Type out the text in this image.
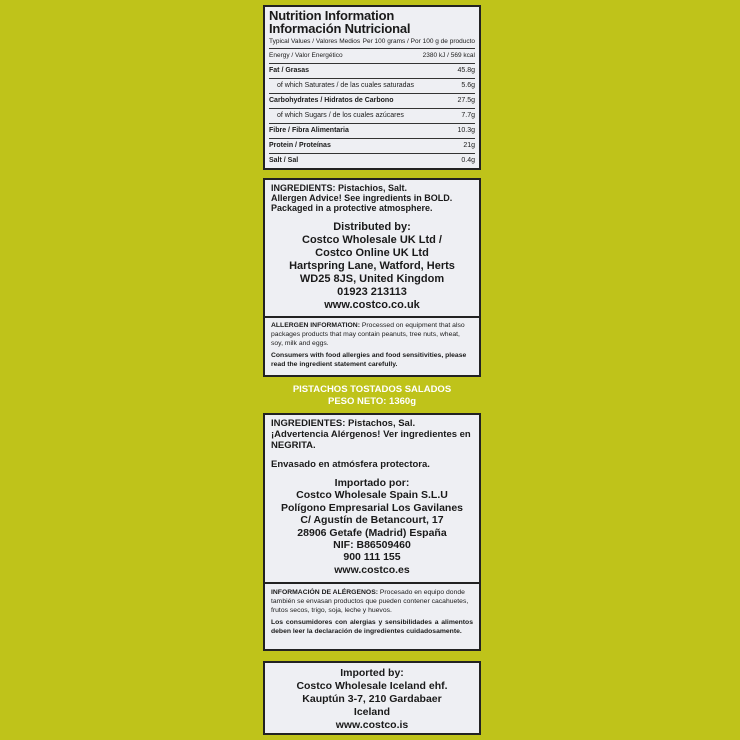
Nutrition Information
Información Nutricional
Typical Values / Valores Medios Per 100 grams / Por 100 g de producto
Energy / Valor Energético	2380 kJ / 569 kcal
Fat / Grasas	45.8g
of which Saturates / de las cuales saturadas	5.6g
Carbohydrates / Hidratos de Carbono	27.5g
of which Sugars / de los cuales azúcares	7.7g
Fibre / Fibra Alimentaria	10.3g
Protein / Proteínas	21g
Salt / Sal	0.4g
INGREDIENTS: Pistachios, Salt.
Allergen Advice! See ingredients in BOLD.
Packaged in a protective atmosphere.
Distributed by:
Costco Wholesale UK Ltd /
Costco Online UK Ltd
Hartspring Lane, Watford, Herts
WD25 8JS, United Kingdom
01923 213113
www.costco.co.uk

ALLERGEN INFORMATION: Processed on equipment that also packages products that may contain peanuts, tree nuts, wheat, soy, milk and eggs.

Consumers with food allergies and food sensitivities, please read the ingredient statement carefully.

PISTACHOS TOSTADOS SALADOS
PESO NETO: 1360g
INGREDIENTES: Pistachos, Sal.
¡Advertencia Alérgenos! Ver ingredientes en NEGRITA.
Envasado en atmósfera protectora.
Importado por:
Costco Wholesale Spain S.L.U
Polígono Empresarial Los Gavilanes
C/ Agustín de Betancourt, 17
28906 Getafe (Madrid) España
NIF: B86509460
900 111 155
www.costco.es

INFORMACIÓN DE ALÉRGENOS: Procesado en equipo donde también se envasan productos que pueden contener cacahuetes, frutos secos, trigo, soja, leche y huevos.

Los consumidores con alergias y sensibilidades a alimentos deben leer la declaración de ingredientes cuidadosamente.

Imported by:
Costco Wholesale Iceland ehf.
Kauptún 3-7, 210 Gardabaer
Iceland
www.costco.is
